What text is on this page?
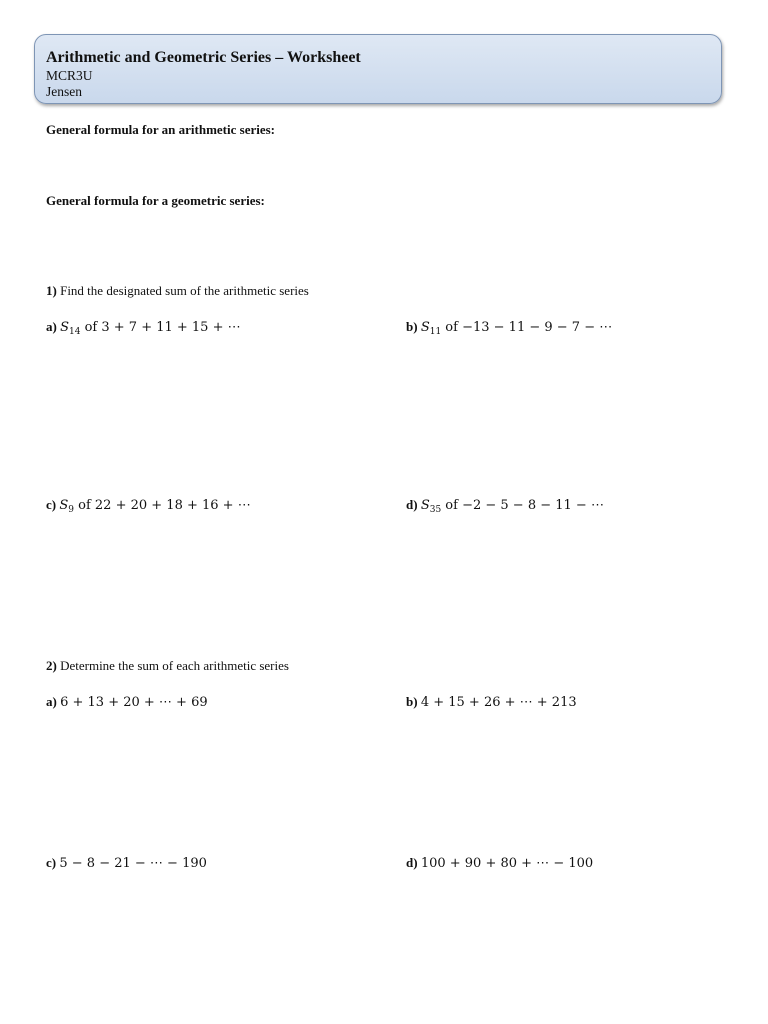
Arithmetic and Geometric Series – Worksheet
MCR3U
Jensen
General formula for an arithmetic series:
General formula for a geometric series:
1) Find the designated sum of the arithmetic series
a) $S_{14}$ of 3 + 7 + 11 + 15 + ⋯	b) $S_{11}$ of −13 − 11 − 9 − 7 − ⋯
c) $S_9$ of 22 + 20 + 18 + 16 + ⋯	d) $S_{35}$ of −2 − 5 − 8 − 11 − ⋯
2) Determine the sum of each arithmetic series
a) 6 + 13 + 20 + ⋯ + 69	b) 4 + 15 + 26 + ⋯ + 213
c) 5 − 8 − 21 − ⋯ − 190	d) 100 + 90 + 80 + ⋯ − 100
